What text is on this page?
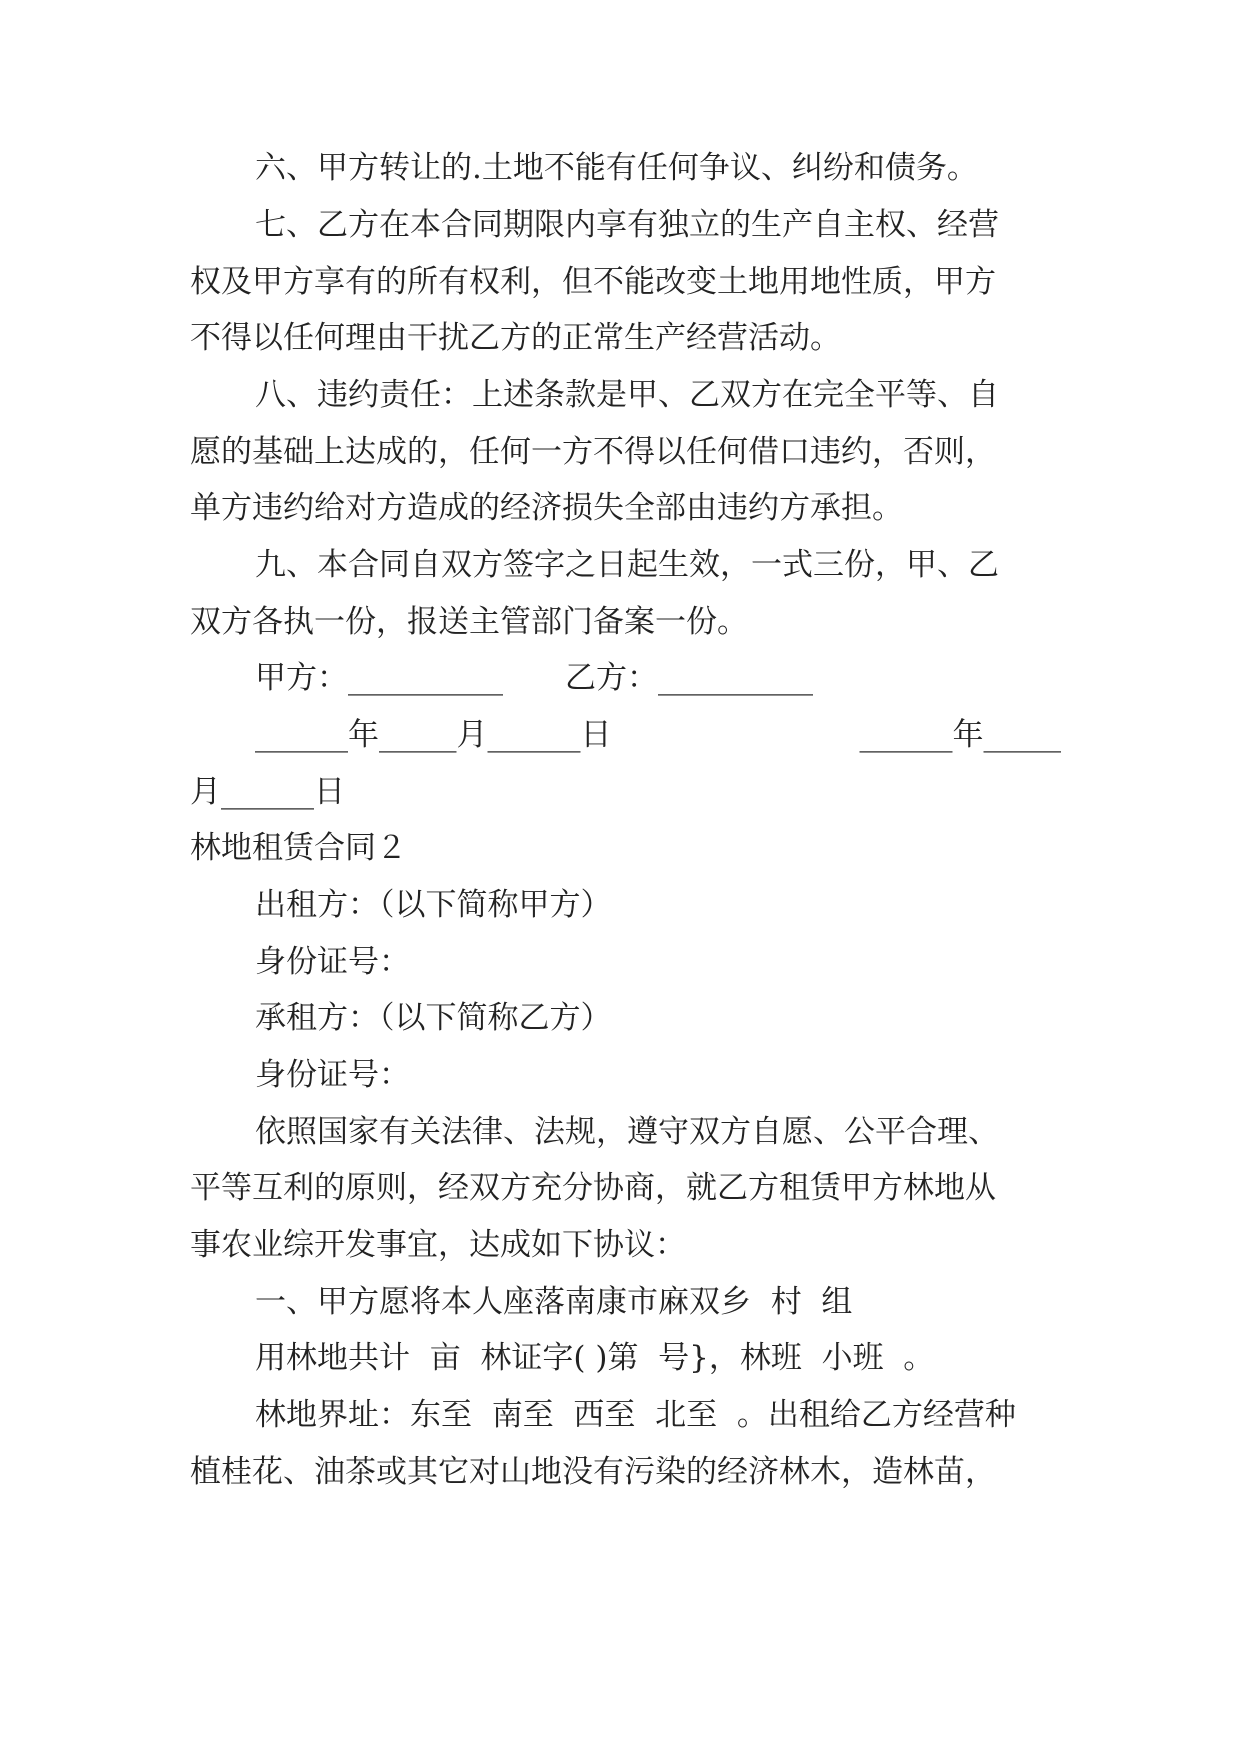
六、甲方转让的.土地不能有任何争议、纠纷和债务。
七、乙方在本合同期限内享有独立的生产自主权、经营
权及甲方享有的所有权利，但不能改变土地用地性质，甲方
不得以任何理由干扰乙方的正常生产经营活动。
八、违约责任：上述条款是甲、乙双方在完全平等、自
愿的基础上达成的，任何一方不得以任何借口违约，否则，
单方违约给对方造成的经济损失全部由违约方承担。
九、本合同自双方签字之日起生效，一式三份，甲、乙
双方各执一份，报送主管部门备案一份。
甲方：__________　　乙方：__________
______年_____月______日　　　　　　　　______年_____
月______日
林地租赁合同２
出租方：（以下简称甲方）
身份证号：
承租方：（以下简称乙方）
身份证号：
依照国家有关法律、法规，遵守双方自愿、公平合理、
平等互利的原则，经双方充分协商，就乙方租赁甲方林地从
事农业综开发事宜，达成如下协议：
一、甲方愿将本人座落南康市麻双乡  村  组
用林地共计  亩  林证字( )第  号}，林班  小班  。
林地界址：东至  南至  西至  北至  。出租给乙方经营种
植桂花、油茶或其它对山地没有污染的经济林木，造林苗，
